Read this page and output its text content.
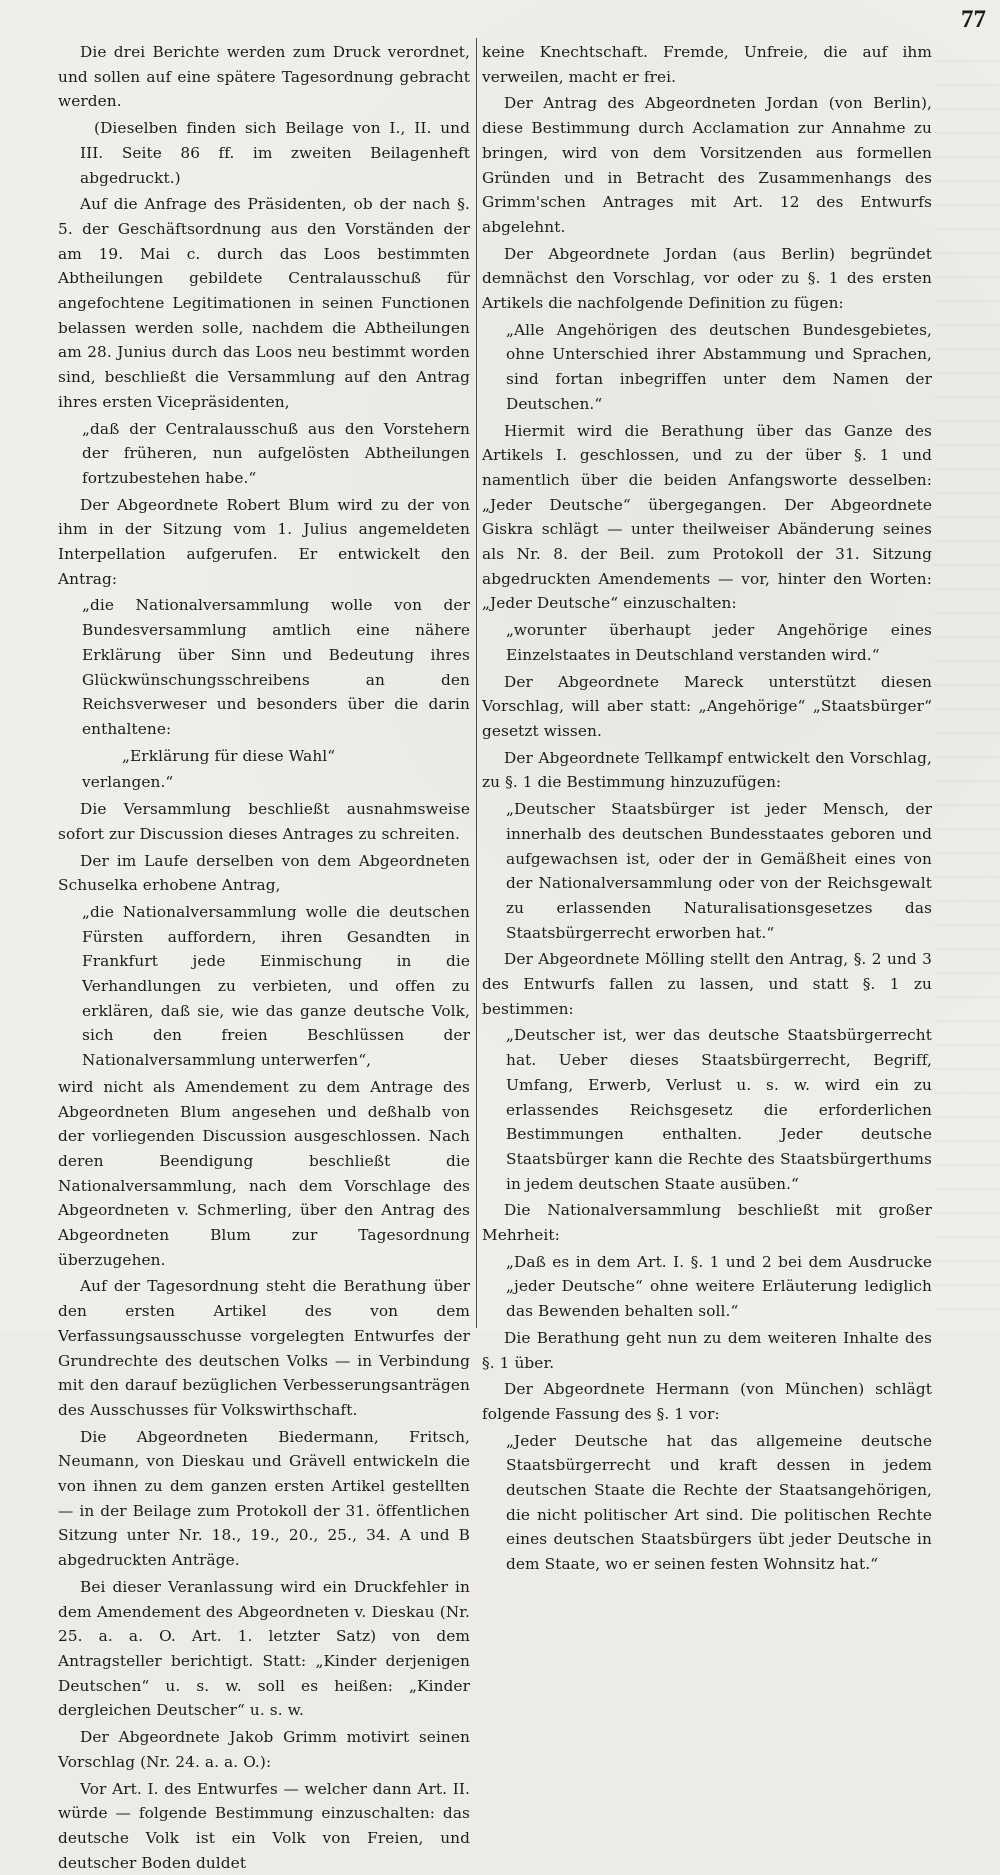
77
Die drei Berichte werden zum Druck verordnet, und sollen auf eine spätere Tagesordnung gebracht werden.
(Dieselben finden sich Beilage von I., II. und III. Seite 86 ff. im zweiten Beilagenheft abgedruckt.)
Auf die Anfrage des Präsidenten, ob der nach §. 5. der Geschäftsordnung aus den Vorständen der am 19. Mai c. durch das Loos bestimmten Abtheilungen gebildete Centralausschuß für angefochtene Legitimationen in seinen Functionen belassen werden solle, nachdem die Abtheilungen am 28. Junius durch das Loos neu bestimmt worden sind, beschließt die Versammlung auf den Antrag ihres ersten Vicepräsidenten,
„daß der Centralausschuß aus den Vorstehern der früheren, nun aufgelösten Abtheilungen fortzubestehen habe.“
Der Abgeordnete Robert Blum wird zu der von ihm in der Sitzung vom 1. Julius angemeldeten Interpellation aufgerufen. Er entwickelt den Antrag:
„die Nationalversammlung wolle von der Bundesversammlung amtlich eine nähere Erklärung über Sinn und Bedeutung ihres Glückwünschungsschreibens an den Reichsverweser und besonders über die darin enthaltene:
„Erklärung für diese Wahl“
verlangen.“
Die Versammlung beschließt ausnahmsweise sofort zur Discussion dieses Antrages zu schreiten.
Der im Laufe derselben von dem Abgeordneten Schuselka erhobene Antrag,
„die Nationalversammlung wolle die deutschen Fürsten auffordern, ihren Gesandten in Frankfurt jede Einmischung in die Verhandlungen zu verbieten, und offen zu erklären, daß sie, wie das ganze deutsche Volk, sich den freien Beschlüssen der Nationalversammlung unterwerfen“,
wird nicht als Amendement zu dem Antrage des Abgeordneten Blum angesehen und deßhalb von der vorliegenden Discussion ausgeschlossen. Nach deren Beendigung beschließt die Nationalversammlung, nach dem Vorschlage des Abgeordneten v. Schmerling, über den Antrag des Abgeordneten Blum zur Tagesordnung überzugehen.
Auf der Tagesordnung steht die Berathung über den ersten Artikel des von dem Verfassungsausschusse vorgelegten Entwurfes der Grundrechte des deutschen Volks — in Verbindung mit den darauf bezüglichen Verbesserungsanträgen des Ausschusses für Volkswirthschaft.
Die Abgeordneten Biedermann, Fritsch, Neumann, von Dieskau und Grävell entwickeln die von ihnen zu dem ganzen ersten Artikel gestellten — in der Beilage zum Protokoll der 31. öffentlichen Sitzung unter Nr. 18., 19., 20., 25., 34. A und B abgedruckten Anträge.
Bei dieser Veranlassung wird ein Druckfehler in dem Amendement des Abgeordneten v. Dieskau (Nr. 25. a. a. O. Art. 1. letzter Satz) von dem Antragsteller berichtigt. Statt: „Kinder derjenigen Deutschen“ u. s. w. soll es heißen: „Kinder dergleichen Deutscher“ u. s. w.
Der Abgeordnete Jakob Grimm motivirt seinen Vorschlag (Nr. 24. a. a. O.):
Vor Art. I. des Entwurfes — welcher dann Art. II. würde — folgende Bestimmung einzuschalten: das deutsche Volk ist ein Volk von Freien, und deutscher Boden duldet
keine Knechtschaft. Fremde, Unfreie, die auf ihm verweilen, macht er frei.
Der Antrag des Abgeordneten Jordan (von Berlin), diese Bestimmung durch Acclamation zur Annahme zu bringen, wird von dem Vorsitzenden aus formellen Gründen und in Betracht des Zusammenhangs des Grimm'schen Antrages mit Art. 12 des Entwurfs abgelehnt.
Der Abgeordnete Jordan (aus Berlin) begründet demnächst den Vorschlag, vor oder zu §. 1 des ersten Artikels die nachfolgende Definition zu fügen:
„Alle Angehörigen des deutschen Bundesgebietes, ohne Unterschied ihrer Abstammung und Sprachen, sind fortan inbegriffen unter dem Namen der Deutschen.“
Hiermit wird die Berathung über das Ganze des Artikels I. geschlossen, und zu der über §. 1 und namentlich über die beiden Anfangsworte desselben: „Jeder Deutsche“ übergegangen. Der Abgeordnete Giskra schlägt — unter theilweiser Abänderung seines als Nr. 8. der Beil. zum Protokoll der 31. Sitzung abgedruckten Amendements — vor, hinter den Worten: „Jeder Deutsche“ einzuschalten:
„worunter überhaupt jeder Angehörige eines Einzelstaates in Deutschland verstanden wird.“
Der Abgeordnete Mareck unterstützt diesen Vorschlag, will aber statt: „Angehörige“ „Staatsbürger“ gesetzt wissen.
Der Abgeordnete Tellkampf entwickelt den Vorschlag, zu §. 1 die Bestimmung hinzuzufügen:
„Deutscher Staatsbürger ist jeder Mensch, der innerhalb des deutschen Bundesstaates geboren und aufgewachsen ist, oder der in Gemäßheit eines von der Nationalversammlung oder von der Reichsgewalt zu erlassenden Naturalisationsgesetzes das Staatsbürgerrecht erworben hat.“
Der Abgeordnete Mölling stellt den Antrag, §. 2 und 3 des Entwurfs fallen zu lassen, und statt §. 1 zu bestimmen:
„Deutscher ist, wer das deutsche Staatsbürgerrecht hat. Ueber dieses Staatsbürgerrecht, Begriff, Umfang, Erwerb, Verlust u. s. w. wird ein zu erlassendes Reichsgesetz die erforderlichen Bestimmungen enthalten. Jeder deutsche Staatsbürger kann die Rechte des Staatsbürgerthums in jedem deutschen Staate ausüben.“
Die Nationalversammlung beschließt mit großer Mehrheit:
„Daß es in dem Art. I. §. 1 und 2 bei dem Ausdrucke „jeder Deutsche“ ohne weitere Erläuterung lediglich das Bewenden behalten soll.“
Die Berathung geht nun zu dem weiteren Inhalte des §. 1 über.
Der Abgeordnete Hermann (von München) schlägt folgende Fassung des §. 1 vor:
„Jeder Deutsche hat das allgemeine deutsche Staatsbürgerrecht und kraft dessen in jedem deutschen Staate die Rechte der Staatsangehörigen, die nicht politischer Art sind. Die politischen Rechte eines deutschen Staatsbürgers übt jeder Deutsche in dem Staate, wo er seinen festen Wohnsitz hat.“
